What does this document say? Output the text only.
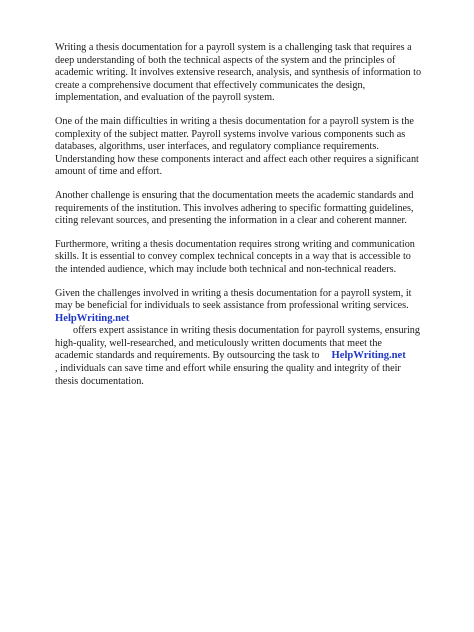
Writing a thesis documentation for a payroll system is a challenging task that requires a deep understanding of both the technical aspects of the system and the principles of academic writing. It involves extensive research, analysis, and synthesis of information to create a comprehensive document that effectively communicates the design, implementation, and evaluation of the payroll system.

One of the main difficulties in writing a thesis documentation for a payroll system is the complexity of the subject matter. Payroll systems involve various components such as databases, algorithms, user interfaces, and regulatory compliance requirements. Understanding how these components interact and affect each other requires a significant amount of time and effort.

Another challenge is ensuring that the documentation meets the academic standards and requirements of the institution. This involves adhering to specific formatting guidelines, citing relevant sources, and presenting the information in a clear and coherent manner.

Furthermore, writing a thesis documentation requires strong writing and communication skills. It is essential to convey complex technical concepts in a way that is accessible to the intended audience, which may include both technical and non-technical readers.

Given the challenges involved in writing a thesis documentation for a payroll system, it may be beneficial for individuals to seek assistance from professional writing services.HelpWriting.net
offers expert assistance in writing thesis documentation for payroll systems, ensuring high-quality, well-researched, and meticulously written documents that meet the academic standards and requirements. By outsourcing the task to HelpWriting.net, individuals can save time and effort while ensuring the quality and integrity of their thesis documentation.
